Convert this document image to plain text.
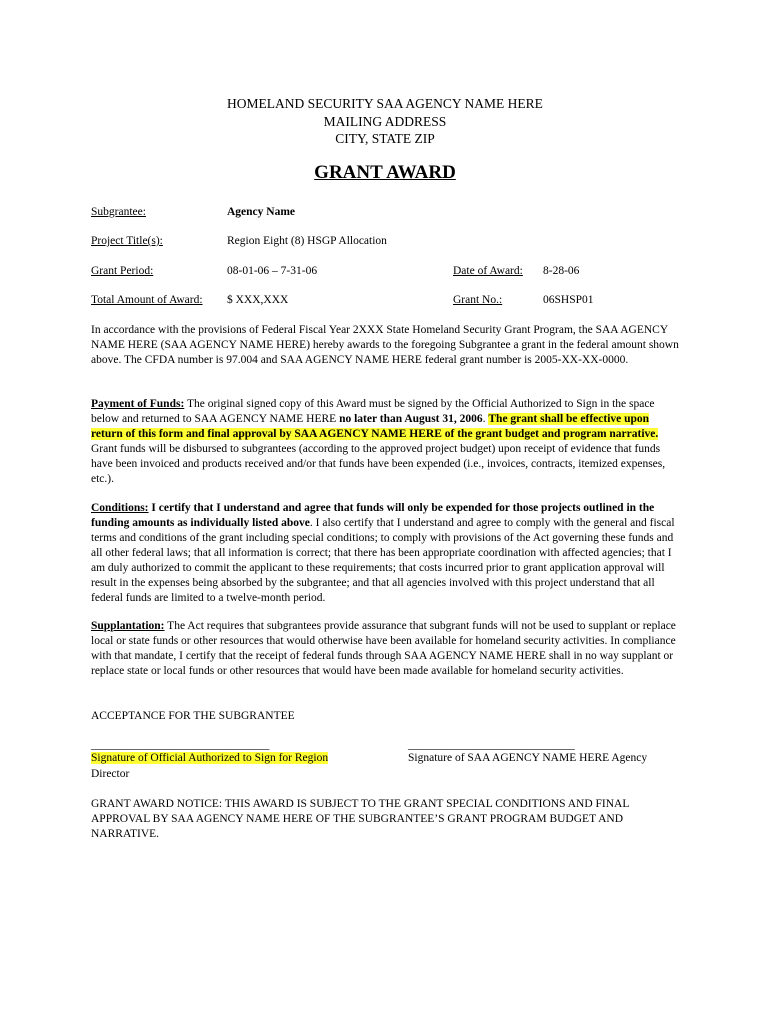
HOMELAND SECURITY SAA AGENCY NAME HERE
MAILING ADDRESS
CITY, STATE ZIP
GRANT AWARD
Subgrantee:	Agency Name
Project Title(s):	Region Eight (8) HSGP Allocation
Grant Period:	08-01-06 – 7-31-06	Date of Award: 8-28-06
Total Amount of Award: $ XXX,XXX	Grant No.:	06SHSP01

In accordance with the provisions of Federal Fiscal Year 2XXX State Homeland Security Grant Program, the SAA AGENCY NAME HERE (SAA AGENCY NAME HERE) hereby awards to the foregoing Subgrantee a grant in the federal amount shown above. The CFDA number is 97.004 and SAA AGENCY NAME HERE federal grant number is 2005-XX-XX-0000.

Payment of Funds: The original signed copy of this Award must be signed by the Official Authorized to Sign in the space below and returned to SAA AGENCY NAME HERE no later than August 31, 2006. The grant shall be effective upon return of this form and final approval by SAA AGENCY NAME HERE of the grant budget and program narrative. Grant funds will be disbursed to subgrantees (according to the approved project budget) upon receipt of evidence that funds have been invoiced and products received and/or that funds have been expended (i.e., invoices, contracts, itemized expenses, etc.).

Conditions: I certify that I understand and agree that funds will only be expended for those projects outlined in the funding amounts as individually listed above. I also certify that I understand and agree to comply with the general and fiscal terms and conditions of the grant including special conditions; to comply with provisions of the Act governing these funds and all other federal laws; that all information is correct; that there has been appropriate coordination with affected agencies; that I am duly authorized to commit the applicant to these requirements; that costs incurred prior to grant application approval will result in the expenses being absorbed by the subgrantee; and that all agencies involved with this project understand that all federal funds are limited to a twelve-month period.

Supplantation: The Act requires that subgrantees provide assurance that subgrant funds will not be used to supplant or replace local or state funds or other resources that would otherwise have been available for homeland security activities. In compliance with that mandate, I certify that the receipt of federal funds through SAA AGENCY NAME HERE shall in no way supplant or replace state or local funds or other resources that would have been made available for homeland security activities.

ACCEPTANCE FOR THE SUBGRANTEE

_______________________________	_____________________________
Signature of Official Authorized to Sign for Region
Director
Signature of SAA AGENCY NAME HERE Agency

GRANT AWARD NOTICE: THIS AWARD IS SUBJECT TO THE GRANT SPECIAL CONDITIONS AND FINAL APPROVAL BY SAA AGENCY NAME HERE OF THE SUBGRANTEE’S GRANT PROGRAM BUDGET AND NARRATIVE.
